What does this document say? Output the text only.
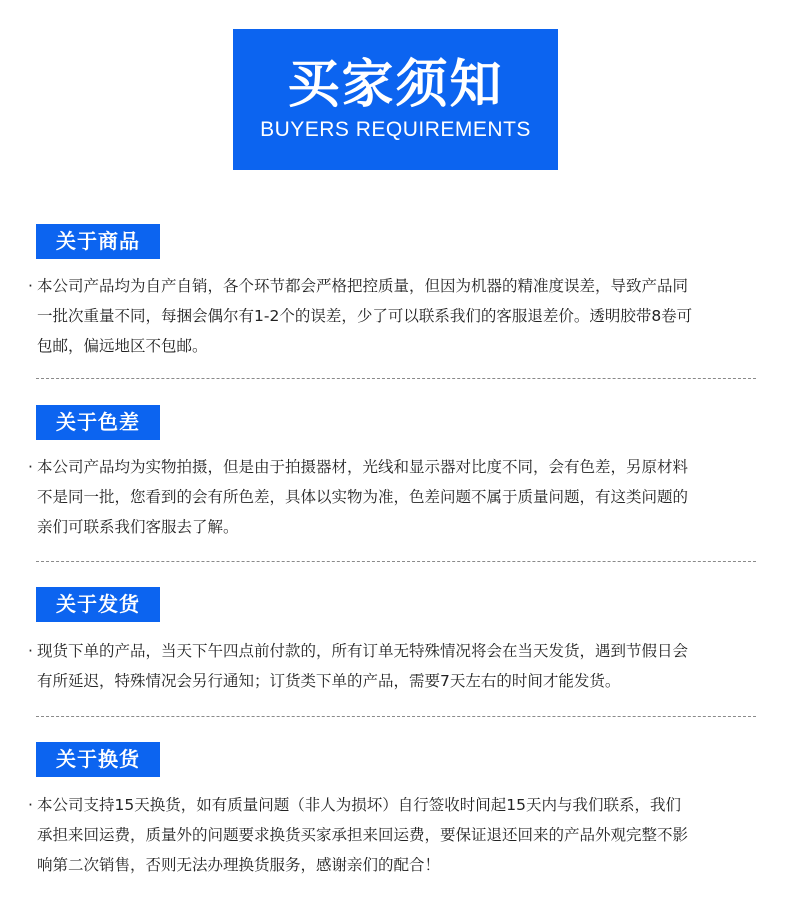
买家须知
BUYERS REQUIREMENTS
关于商品

· 本公司产品均为自产自销，各个环节都会严格把控质量，但因为机器的精准度误差，导致产品同

一批次重量不同，每捆会偶尔有1-2个的误差，少了可以联系我们的客服退差价。透明胶带8卷可

包邮，偏远地区不包邮。

关于色差

· 本公司产品均为实物拍摄，但是由于拍摄器材，光线和显示器对比度不同，会有色差，另原材料

不是同一批，您看到的会有所色差，具体以实物为准，色差问题不属于质量问题，有这类问题的

亲们可联系我们客服去了解。

关于发货

· 现货下单的产品，当天下午四点前付款的，所有订单无特殊情况将会在当天发货，遇到节假日会

有所延迟，特殊情况会另行通知；订货类下单的产品，需要7天左右的时间才能发货。

关于换货

· 本公司支持15天换货，如有质量问题（非人为损坏）自行签收时间起15天内与我们联系，我们

承担来回运费，质量外的问题要求换货买家承担来回运费，要保证退还回来的产品外观完整不影

响第二次销售，否则无法办理换货服务，感谢亲们的配合！
